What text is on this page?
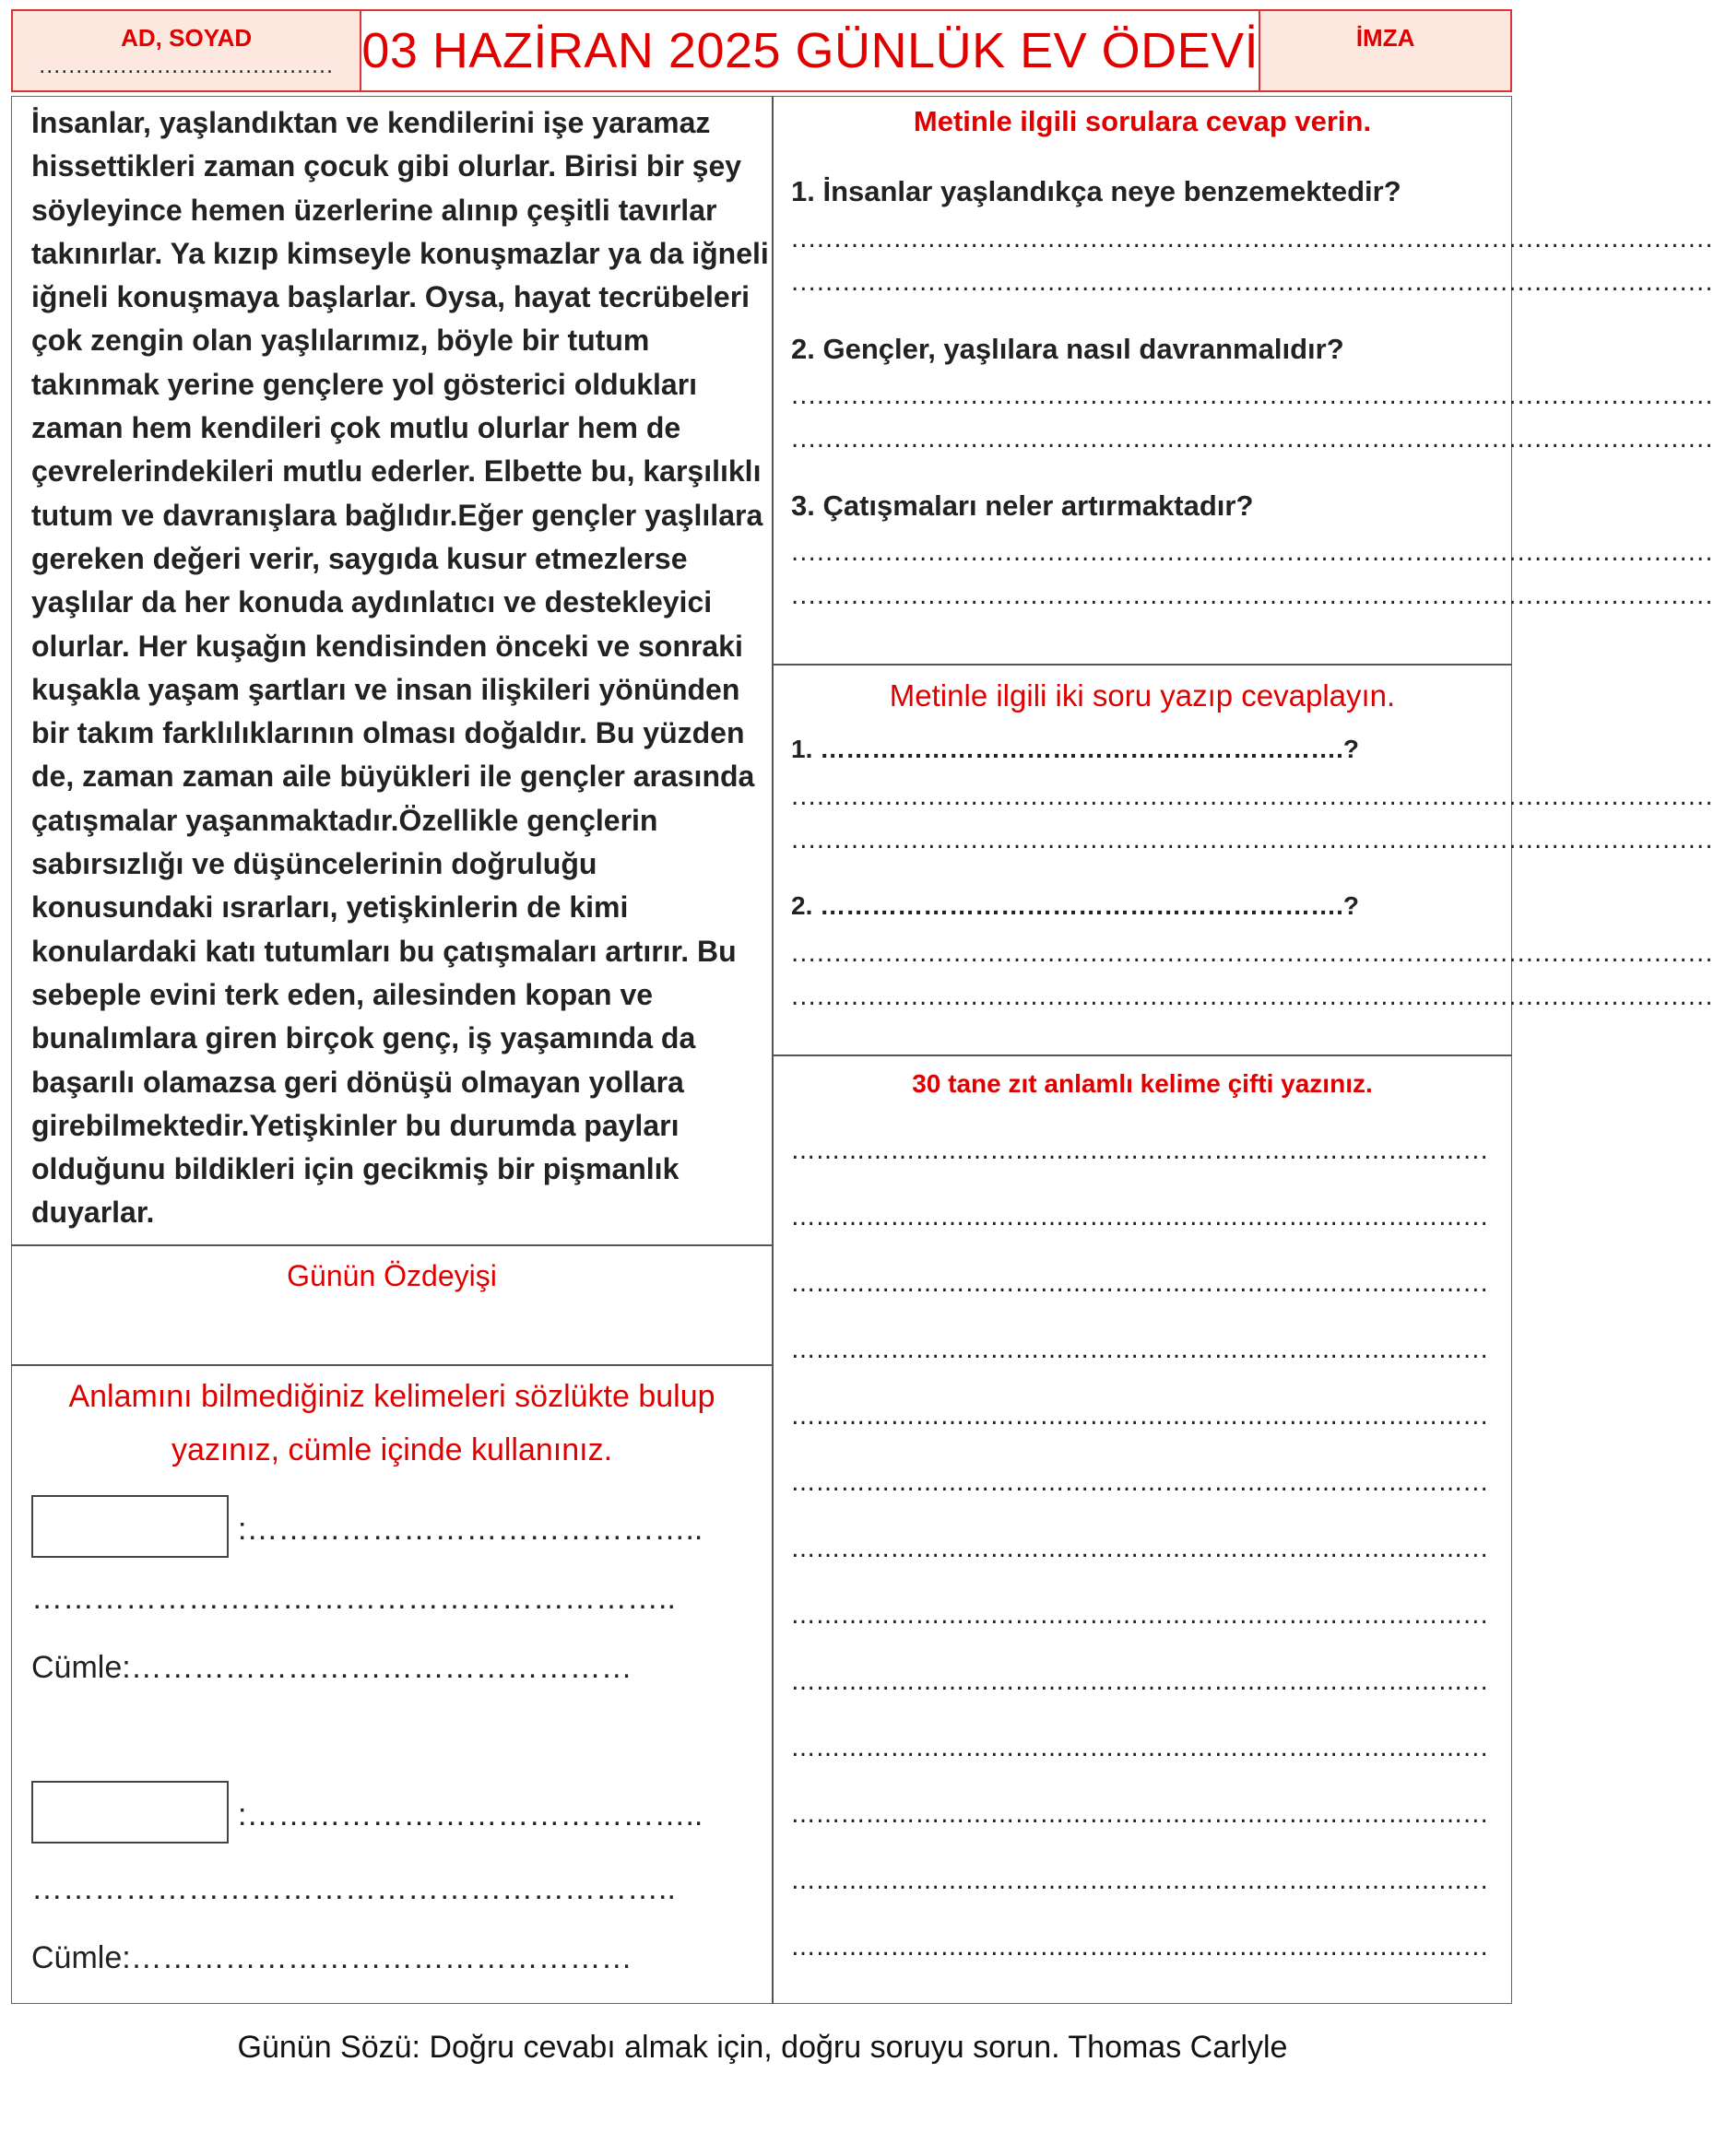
AD, SOYAD
........................................ 03 HAZİRAN 2025 GÜNLÜK EV ÖDEVİ	İMZA

İnsanlar, yaşlandıktan ve kendilerini işe yaramaz hissettikleri zaman çocuk gibi olurlar. Birisi bir şey söyleyince hemen üzerlerine alınıp çeşitli tavırlar takınırlar. Ya kızıp kimseyle konuşmazlar ya da iğneli iğneli konuşmaya başlarlar. Oysa, hayat tecrübeleri çok zengin olan yaşlılarımız, böyle bir tutum takınmak yerine gençlere yol gösterici oldukları zaman hem kendileri çok mutlu olurlar hem de çevrelerindekileri mutlu ederler. Elbette bu, karşılıklı tutum ve davranışlara bağlıdır.Eğer gençler yaşlılara gereken değeri verir, saygıda kusur etmezlerse yaşlılar da her konuda aydınlatıcı ve destekleyici olurlar. Her kuşağın kendisinden önceki ve sonraki kuşakla yaşam şartları ve insan ilişkileri yönünden bir takım farklılıklarının olması doğaldır. Bu yüzden de, zaman zaman aile büyükleri ile gençler arasında çatışmalar yaşanmaktadır.Özellikle gençlerin sabırsızlığı ve düşüncelerinin doğruluğu konusundaki ısrarları, yetişkinlerin de kimi konulardaki katı tutumları bu çatışmaları artırır. Bu sebeple evini terk eden, ailesinden kopan ve bunalımlara giren birçok genç, iş yaşamında da başarılı olamazsa geri dönüşü olmayan yollara girebilmektedir.Yetişkinler bu durumda payları olduğunu bildikleri için gecikmiş bir pişmanlık duyarlar.

Günün Özdeyişi
Anlamını bilmediğiniz kelimeleri sözlükte bulup
yazınız, cümle içinde kullanınız.
:……………………………………..
……………………………………………………..
Cümle:…………………………………………
:……………………………………..
……………………………………………………..
Cümle:…………………………………………
Metinle ilgili sorulara cevap verin.
1. İnsanlar yaşlandıkça neye benzemektedir?
............................................................................................................
............................................................................................................
2. Gençler, yaşlılara nasıl davranmalıdır?
............................................................................................................
............................................................................................................
3. Çatışmaları neler artırmaktadır?
............................................................................................................
............................................................................................................
Metinle ilgili iki soru yazıp cevaplayın.
1. …………………………………………………….?
............................................................................................................
............................................................................................................
2. …………………………………………………….?
............................................................................................................
............................................................................................................
30 tane zıt anlamlı kelime çifti yazınız.
………………………………………………………………………...
………………………………………………………………………...
………………………………………………………………………...
………………………………………………………………………...
………………………………………………………………………...
………………………………………………………………………...
………………………………………………………………………...
………………………………………………………………………...
………………………………………………………………………...
………………………………………………………………………...
………………………………………………………………………...
………………………………………………………………………...
………………………………………………………………………...
Günün Sözü: Doğru cevabı almak için, doğru soruyu sorun. Thomas Carlyle
